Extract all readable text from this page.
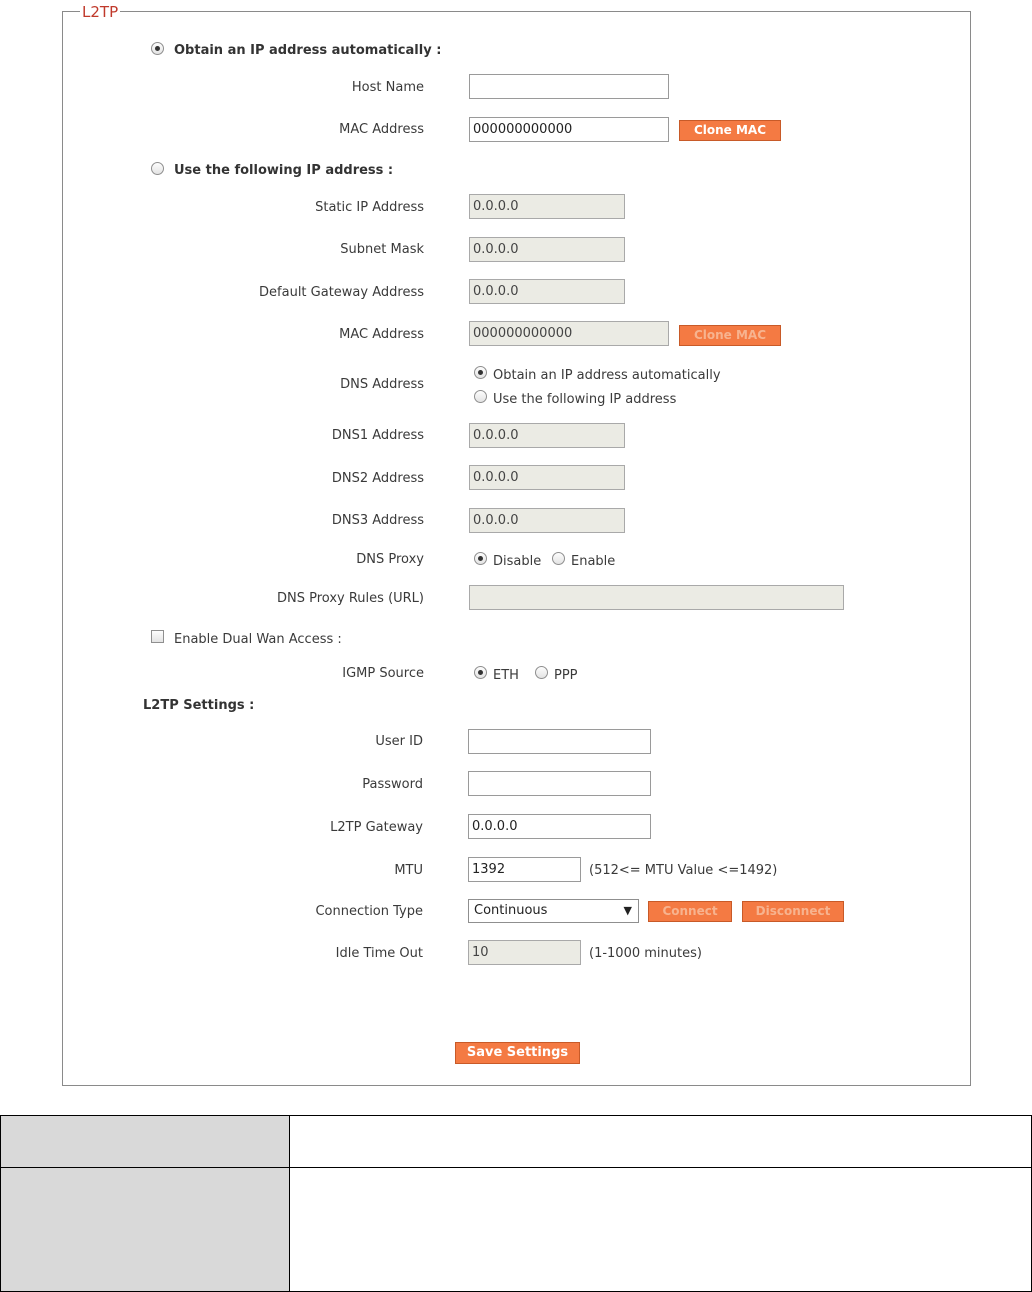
L2TP
Obtain an IP address automatically :
Host Name
MAC Address	000000000000	Clone MAC
Use the following IP address :
Static IP Address	0.0.0.0
Subnet Mask	0.0.0.0
Default Gateway Address	0.0.0.0
MAC Address	000000000000	Clone MAC
DNS Address
Obtain an IP address automatically
Use the following IP address
DNS1 Address	0.0.0.0
DNS2 Address	0.0.0.0
DNS3 Address	0.0.0.0
DNS Proxy	Disable Enable
DNS Proxy Rules (URL)
Enable Dual Wan Access :
IGMP Source	ETH	PPP
L2TP Settings :
User ID
Password
L2TP Gateway	0.0.0.0
MTU	1392	(512<= MTU Value <=1492)
Connection Type	Continuous	▼	Connect	Disconnect
Idle Time Out	10	(1-1000 minutes)
Save Settings
